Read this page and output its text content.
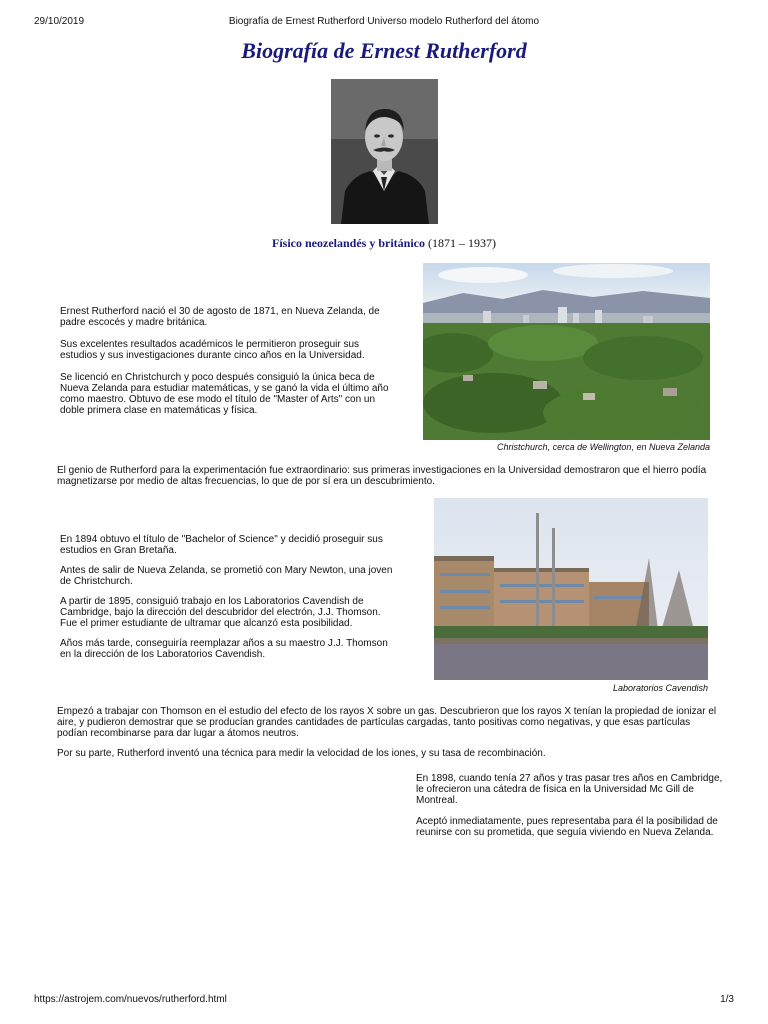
29/10/2019	Biografía de Ernest Rutherford Universo modelo Rutherford del átomo
Biografía de Ernest Rutherford
Físico neozelandés y británico (1871 – 1937)

Ernest Rutherford nació el 30 de agosto de 1871, en Nueva Zelanda, de padre escocés y madre británica.

Sus excelentes resultados académicos le permitieron proseguir sus estudios y sus investigaciones durante cinco años en la Universidad.

Se licenció en Christchurch y poco después consiguió la única beca de Nueva Zelanda para estudiar matemáticas, y se ganó la vida el último año como maestro. Obtuvo de ese modo el título de "Master of Arts" con un doble primera clase en matemáticas y física.

Christchurch, cerca de Wellington, en Nueva Zelanda

El genio de Rutherford para la experimentación fue extraordinario: sus primeras investigaciones en la Universidad demostraron que el hierro podía magnetizarse por medio de altas frecuencias, lo que de por sí era un descubrimiento.

En 1894 obtuvo el título de "Bachelor of Science" y decidió proseguir sus estudios en Gran Bretaña.

Antes de salir de Nueva Zelanda, se prometió con Mary Newton, una joven de Christchurch.

A partir de 1895, consiguió trabajo en los Laboratorios Cavendish de Cambridge, bajo la dirección del descubridor del electrón, J.J. Thomson. Fue el primer estudiante de ultramar que alcanzó esta posibilidad.

Años más tarde, conseguiría reemplazar años a su maestro J.J. Thomson en la dirección de los Laboratorios Cavendish.

Laboratorios Cavendish

Empezó a trabajar con Thomson en el estudio del efecto de los rayos X sobre un gas. Descubrieron que los rayos X tenían la propiedad de ionizar el aire, y pudieron demostrar que se producían grandes cantidades de partículas cargadas, tanto positivas como negativas, y que esas partículas podían recombinarse para dar lugar a átomos neutros.

Por su parte, Rutherford inventó una técnica para medir la velocidad de los iones, y su tasa de recombinación.

En 1898, cuando tenía 27 años y tras pasar tres años en Cambridge, le ofrecieron una cátedra de física en la Universidad Mc Gill de Montreal.

Aceptó inmediatamente, pues representaba para él la posibilidad de reunirse con su prometida, que seguía viviendo en Nueva Zelanda.

https://astrojem.com/nuevos/rutherford.html	1/3
